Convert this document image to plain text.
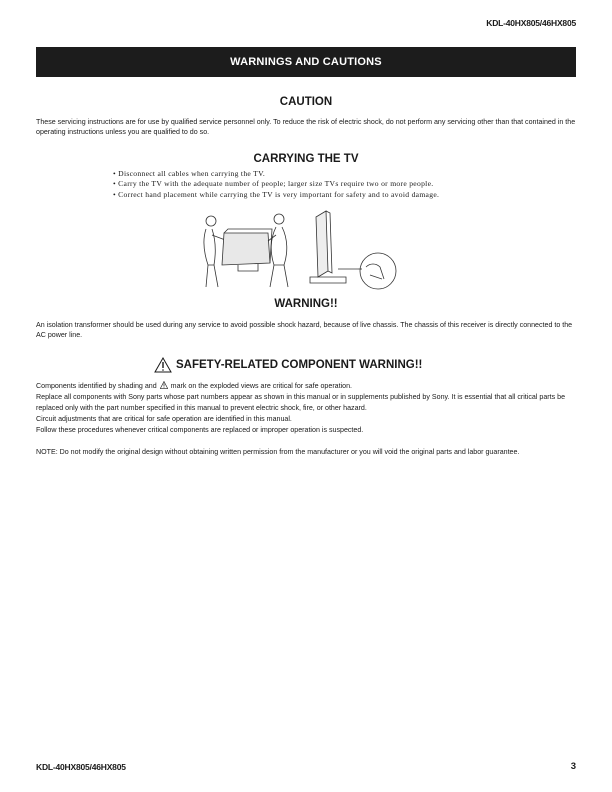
KDL-40HX805/46HX805
WARNINGS AND CAUTIONS
CAUTION

These servicing instructions are for use by qualified service personnel only. To reduce the risk of electric shock, do not perform any servicing other than that contained in the operating instructions unless you are qualified to do so.

CARRYING THE TV
• Disconnect all cables when carrying the TV.
• Carry the TV with the adequate number of people; larger size TVs require two or more people.
• Correct hand placement while carrying the TV is very important for safety and to avoid damage.
WARNING!!

An isolation transformer should be used during any service to avoid possible shock hazard, because of live chassis. The chassis of this receiver is directly connected to the AC power line.

SAFETY-RELATED COMPONENT WARNING!!
Components identified by shading and mark on the exploded views are critical for safe operation.
Replace all components with Sony parts whose part numbers appear as shown in this manual or in supplements published by Sony. It is essential that all critical parts be replaced only with the part number specified in this manual to prevent electric shock, fire, or other hazard.
Circuit adjustments that are critical for safe operation are identified in this manual.
Follow these procedures whenever critical components are replaced or improper operation is suspected.
NOTE: Do not modify the original design without obtaining written permission from the manufacturer or you will void the original parts and labor guarantee.
KDL-40HX805/46HX805	3
